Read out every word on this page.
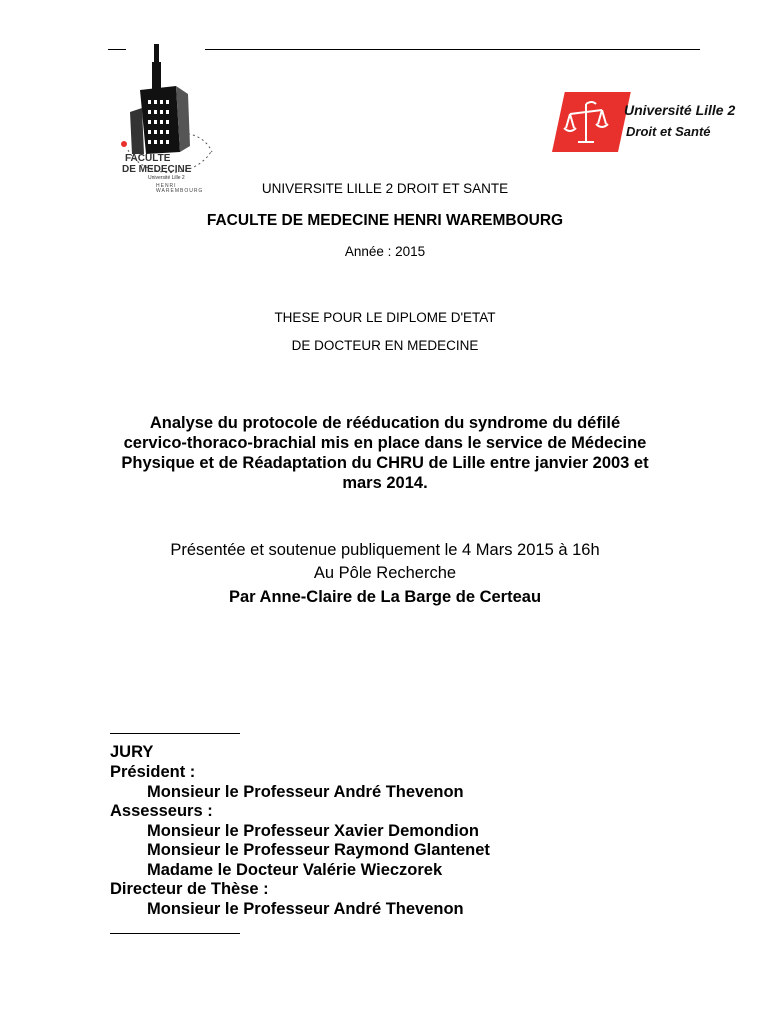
FACULTE
DE MEDECINE
Université Lille 2
HENRI WAREMBOURG
Université Lille 2
Droit et Santé
UNIVERSITE LILLE 2 DROIT ET SANTE
FACULTE DE MEDECINE HENRI WAREMBOURG
Année : 2015
THESE POUR LE DIPLOME D'ETAT
DE DOCTEUR EN MEDECINE
Analyse du protocole de rééducation du syndrome du défilé
cervico-thoraco-brachial mis en place dans le service de Médecine
Physique et de Réadaptation du CHRU de Lille entre janvier 2003 et
mars 2014.
Présentée et soutenue publiquement le 4 Mars 2015 à 16h
Au Pôle Recherche
Par Anne-Claire de La Barge de Certeau
JURY
Président :
Monsieur le Professeur André Thevenon
Assesseurs :
Monsieur le Professeur Xavier Demondion
Monsieur le Professeur Raymond Glantenet
Madame le Docteur Valérie Wieczorek
Directeur de Thèse :
Monsieur le Professeur André Thevenon
